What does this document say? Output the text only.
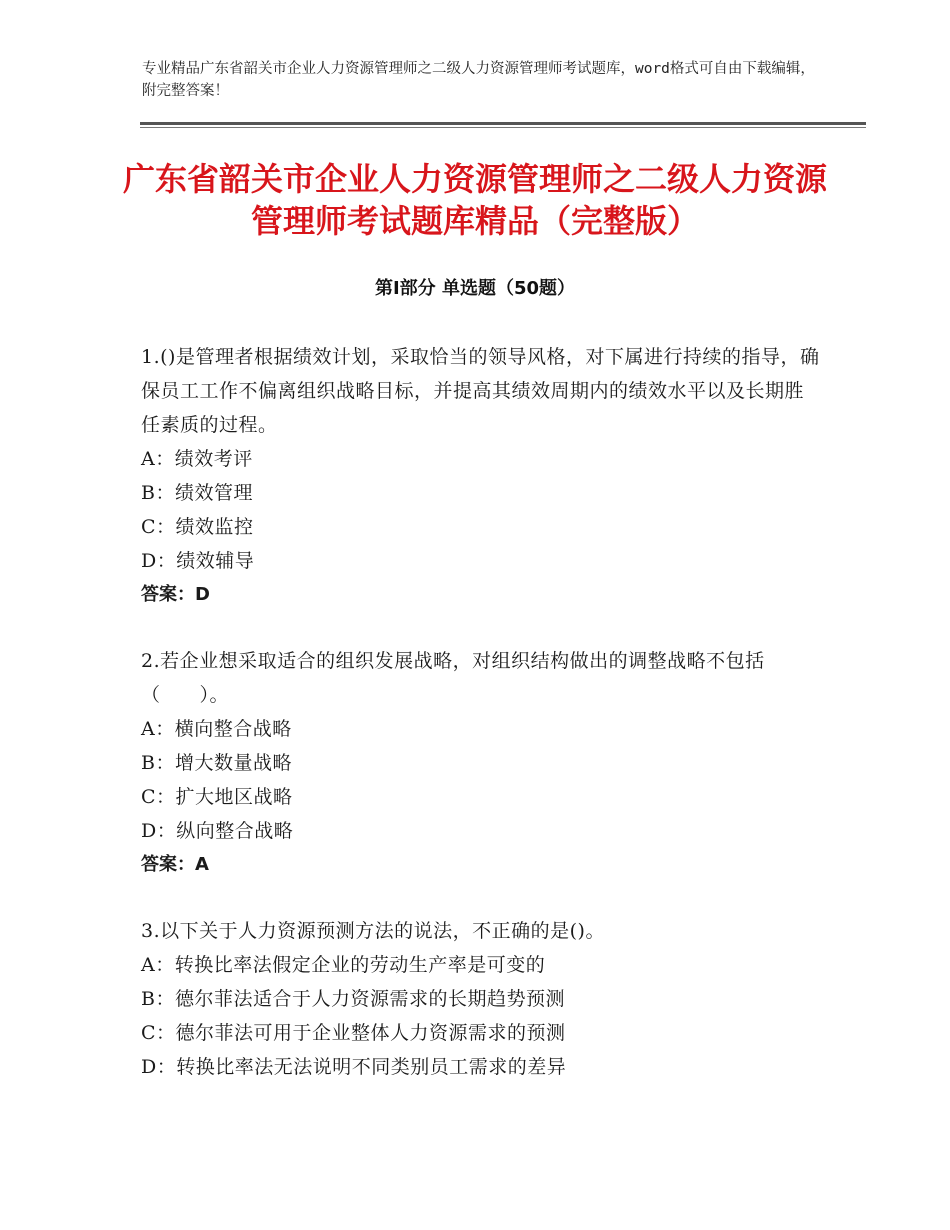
专业精品广东省韶关市企业人力资源管理师之二级人力资源管理师考试题库，word格式可自由下载编辑，附完整答案！
广东省韶关市企业人力资源管理师之二级人力资源管理师考试题库精品（完整版）
第Ⅰ部分 单选题（50题）
1.()是管理者根据绩效计划，采取恰当的领导风格，对下属进行持续的指导，确保员工工作不偏离组织战略目标，并提高其绩效周期内的绩效水平以及长期胜任素质的过程。
A：绩效考评
B：绩效管理
C：绩效监控
D：绩效辅导
答案：D
2.若企业想采取适合的组织发展战略，对组织结构做出的调整战略不包括（　　）。
A：横向整合战略
B：增大数量战略
C：扩大地区战略
D：纵向整合战略
答案：A
3.以下关于人力资源预测方法的说法，不正确的是()。
A：转换比率法假定企业的劳动生产率是可变的
B：德尔菲法适合于人力资源需求的长期趋势预测
C：德尔菲法可用于企业整体人力资源需求的预测
D：转换比率法无法说明不同类别员工需求的差异
